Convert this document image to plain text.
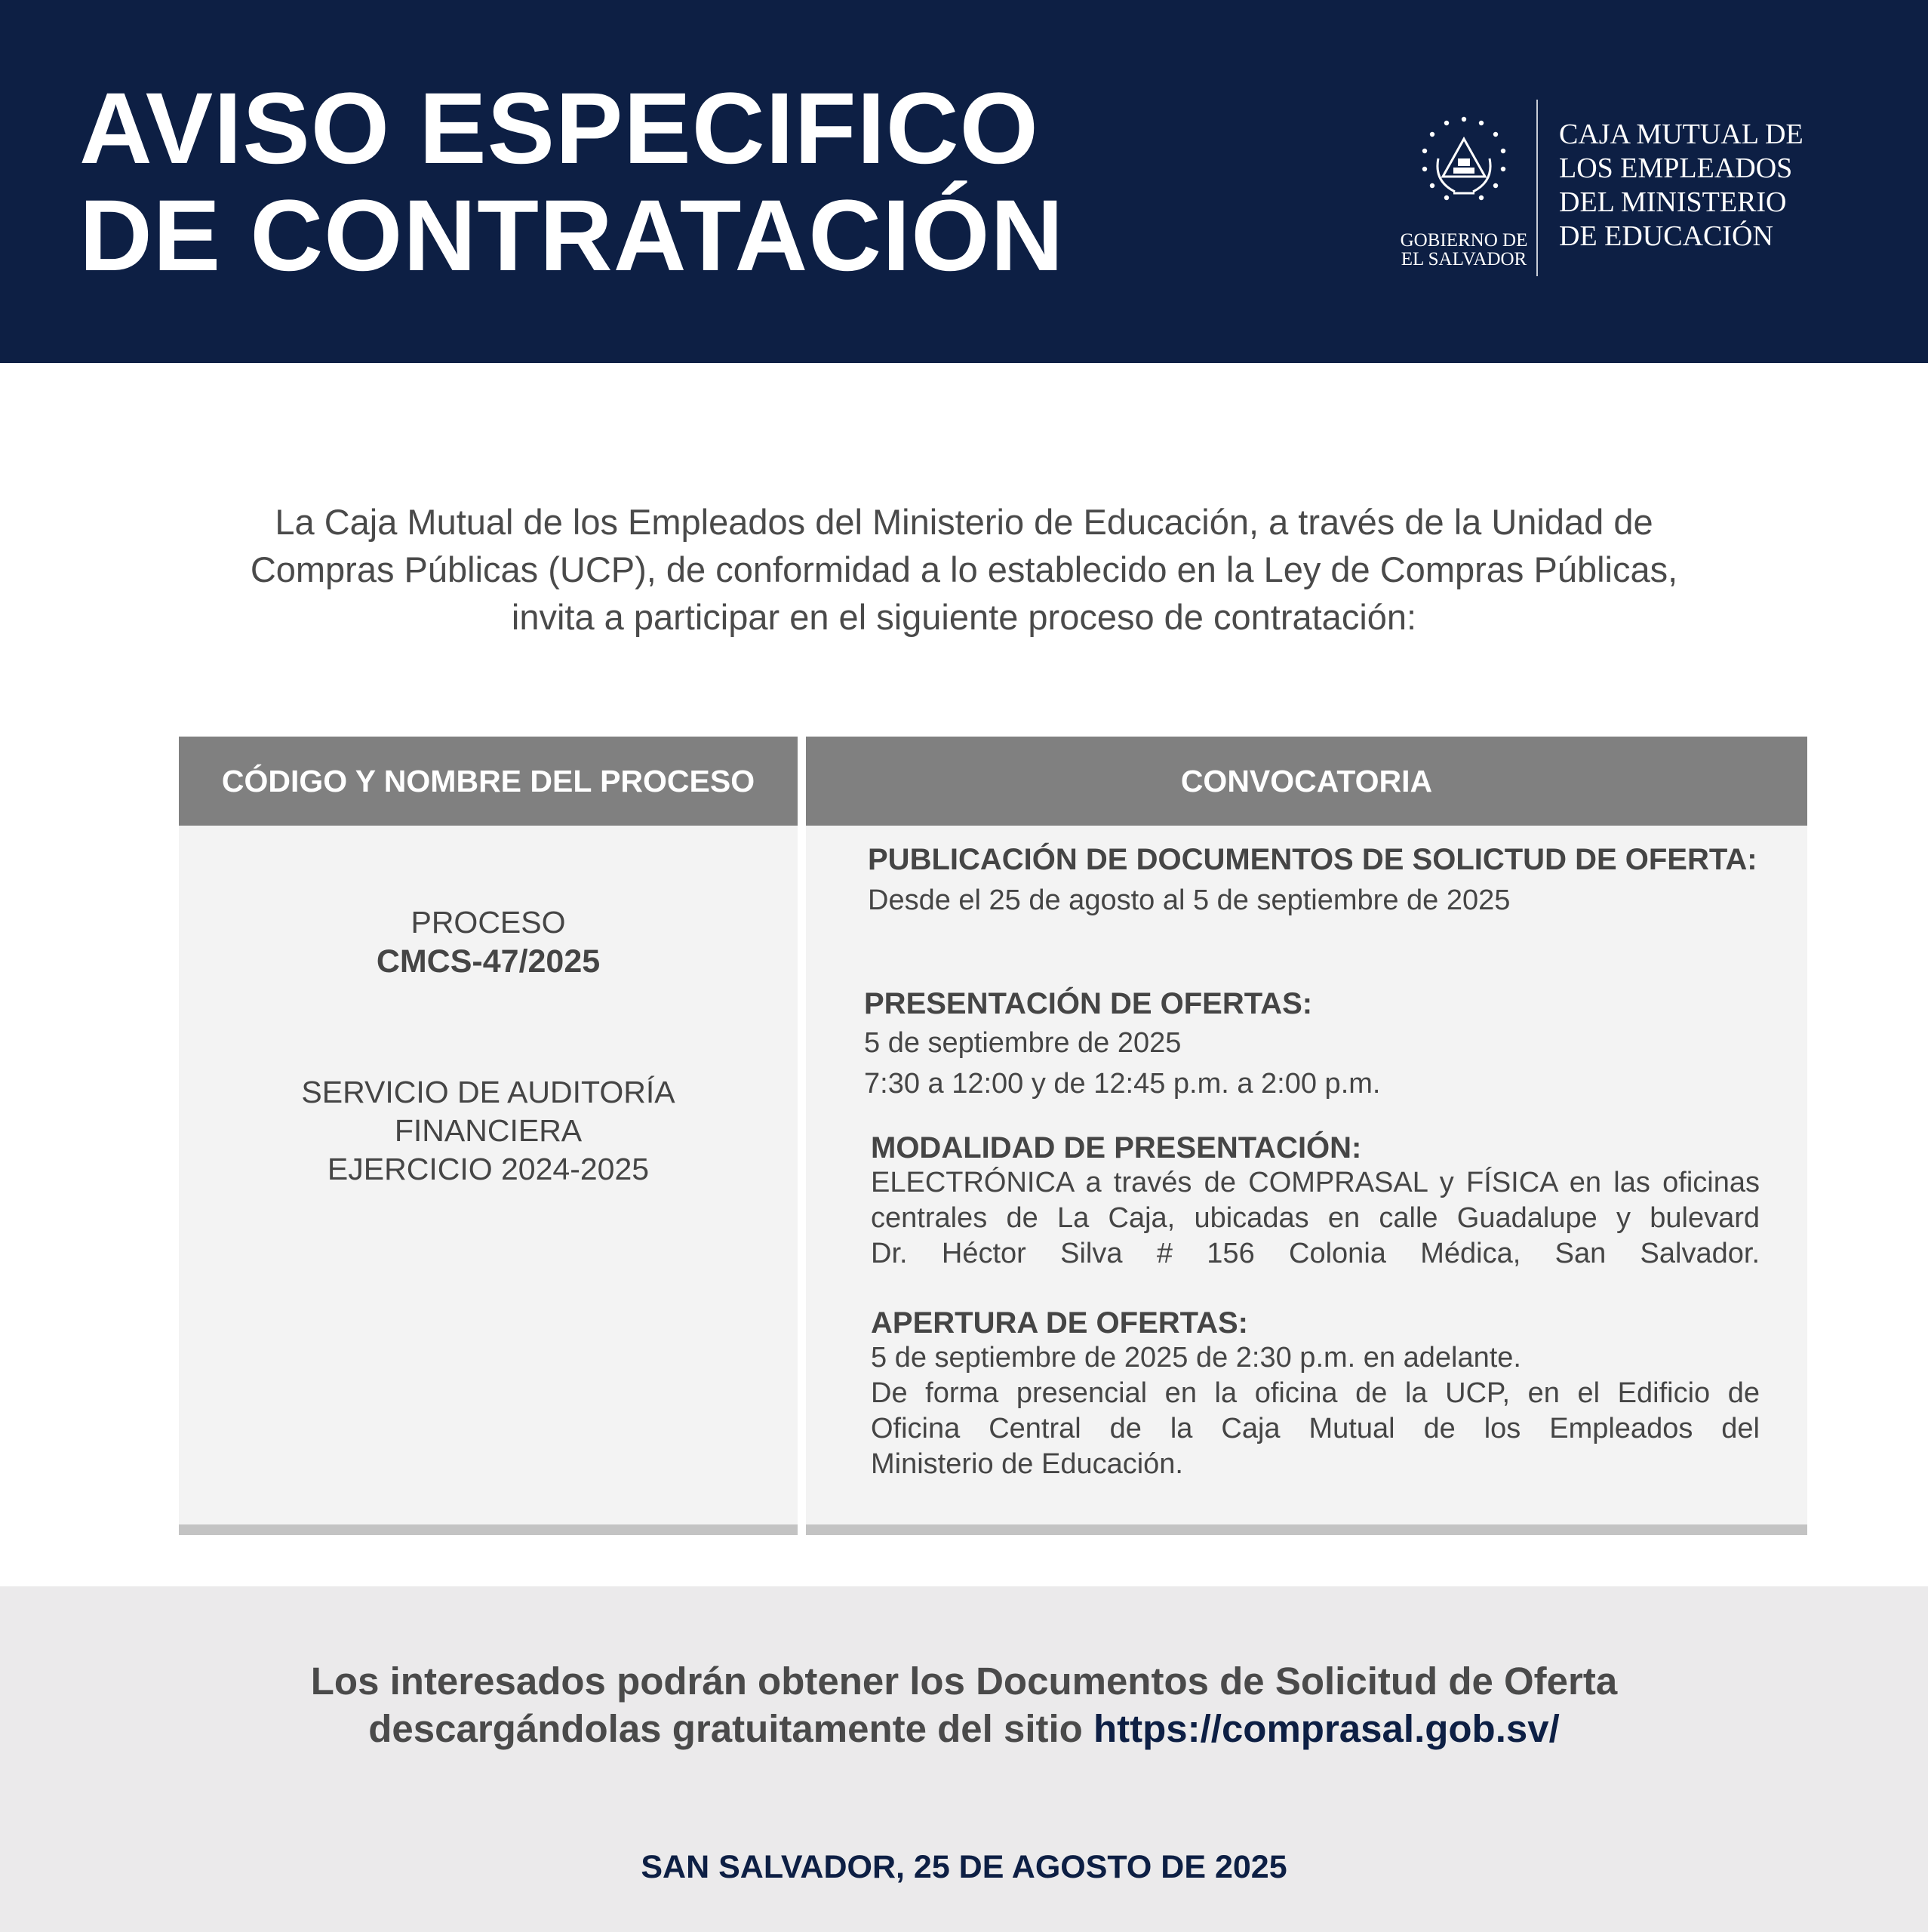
AVISO ESPECIFICO
DE CONTRATACIÓN	GOBIERNO DE
EL SALVADOR
CAJA MUTUAL DE
LOS EMPLEADOS
DEL MINISTERIO
DE EDUCACIÓN

La Caja Mutual de los Empleados del Ministerio de Educación, a través de la Unidad de
Compras Públicas (UCP), de conformidad a lo establecido en la Ley de Compras Públicas,
invita a participar en el siguiente proceso de contratación:

CÓDIGO Y NOMBRE DEL PROCESO	CONVOCATORIA
PROCESO
CMCS-47/2025
SERVICIO DE AUDITORÍA
FINANCIERA
EJERCICIO 2024-2025
PUBLICACIÓN DE DOCUMENTOS DE SOLICTUD DE OFERTA:
Desde el 25 de agosto al 5 de septiembre de 2025
PRESENTACIÓN DE OFERTAS:
5 de septiembre de 2025
7:30 a 12:00 y de 12:45 p.m. a 2:00 p.m.
MODALIDAD DE PRESENTACIÓN:
ELECTRÓNICA a través de COMPRASAL y FÍSICA en las oficinas
centrales de La Caja, ubicadas en calle Guadalupe y bulevard
Dr. Héctor Silva # 156 Colonia Médica, San Salvador.
APERTURA DE OFERTAS:
5 de septiembre de 2025 de 2:30 p.m. en adelante.
De forma presencial en la oficina de la UCP, en el Edificio de
Oficina Central de la Caja Mutual de los Empleados del
Ministerio de Educación.
Los interesados podrán obtener los Documentos de Solicitud de Oferta
descargándolas gratuitamente del sitio https://comprasal.gob.sv/
SAN SALVADOR, 25 DE AGOSTO DE 2025
